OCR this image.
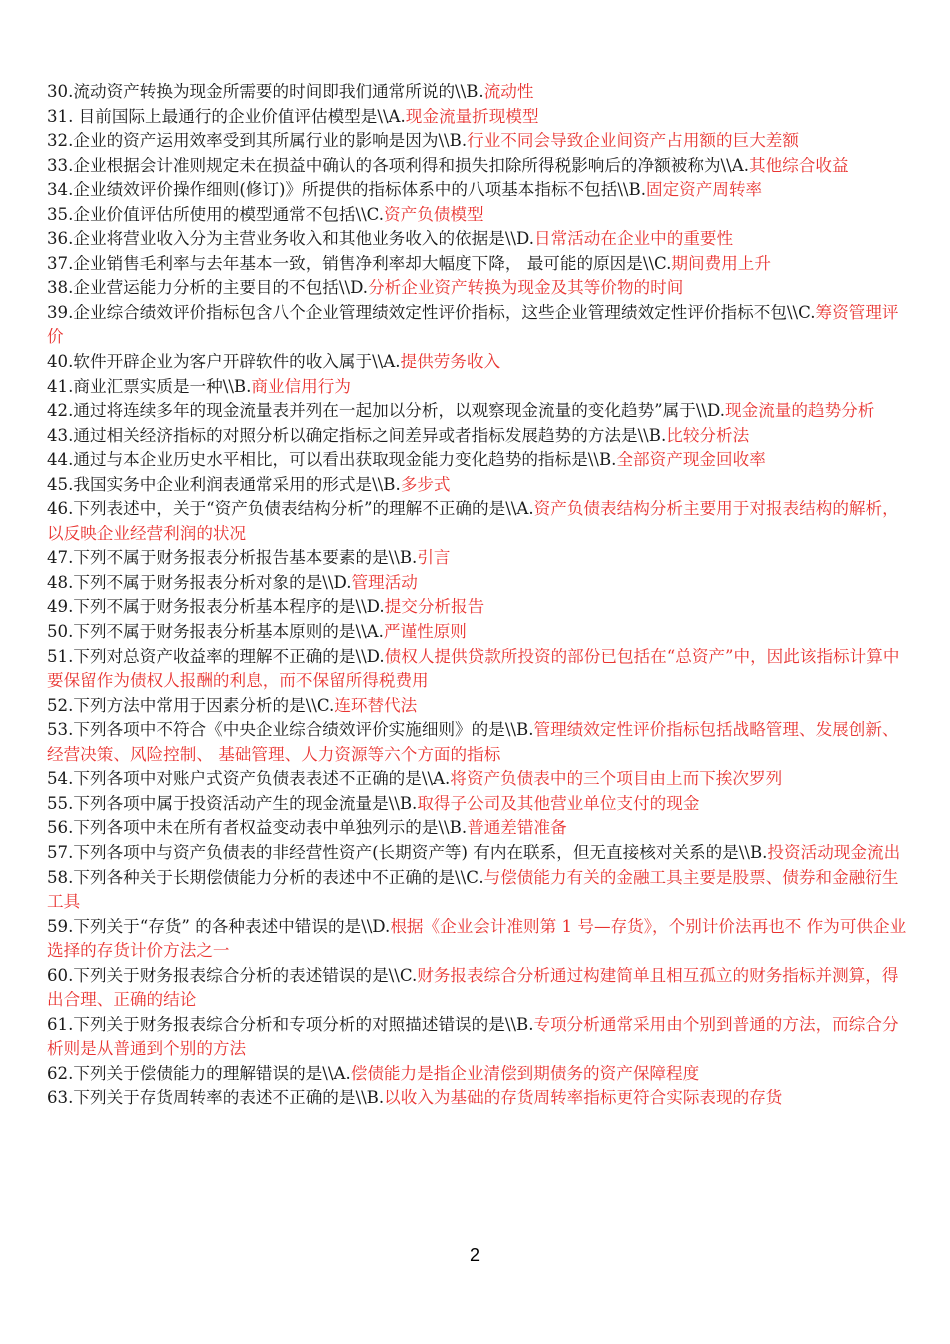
30.流动资产转换为现金所需要的时间即我们通常所说的\\B.流动性

31. 目前国际上最通行的企业价值评估模型是\\A.现金流量折现模型

32.企业的资产运用效率受到其所属行业的影响是因为\\B.行业不同会导致企业间资产占用额的巨大差额

33.企业根据会计准则规定未在损益中确认的各项利得和损失扣除所得税影响后的净额被称为\\A.其他综合收益

34.企业绩效评价操作细则(修订)》所提供的指标体系中的八项基本指标不包括\\B.固定资产周转率

35.企业价值评估所使用的模型通常不包括\\C.资产负债模型

36.企业将营业收入分为主营业务收入和其他业务收入的依据是\\D.日常活动在企业中的重要性

37.企业销售毛利率与去年基本一致，销售净利率却大幅度下降， 最可能的原因是\\C.期间费用上升

38.企业营运能力分析的主要目的不包括\\D.分析企业资产转换为现金及其等价物的时间

39.企业综合绩效评价指标包含八个企业管理绩效定性评价指标，这些企业管理绩效定性评价指标不包\\C.筹资管理评价

40.软件开辟企业为客户开辟软件的收入属于\\A.提供劳务收入

41.商业汇票实质是一种\\B.商业信用行为

42.通过将连续多年的现金流量表并列在一起加以分析，以观察现金流量的变化趋势”属于\\D.现金流量的趋势分析

43.通过相关经济指标的对照分析以确定指标之间差异或者指标发展趋势的方法是\\B.比较分析法

44.通过与本企业历史水平相比，可以看出获取现金能力变化趋势的指标是\\B.全部资产现金回收率

45.我国实务中企业利润表通常采用的形式是\\B.多步式

46.下列表述中，关于“资产负债表结构分析”的理解不正确的是\\A.资产负债表结构分析主要用于对报表结构的解析，以反映企业经营利润的状况

47.下列不属于财务报表分析报告基本要素的是\\B.引言

48.下列不属于财务报表分析对象的是\\D.管理活动

49.下列不属于财务报表分析基本程序的是\\D.提交分析报告

50.下列不属于财务报表分析基本原则的是\\A.严谨性原则

51.下列对总资产收益率的理解不正确的是\\D.债权人提供贷款所投资的部份已包括在“总资产”中，因此该指标计算中要保留作为债权人报酬的利息，而不保留所得税费用

52.下列方法中常用于因素分析的是\\C.连环替代法

53.下列各项中不符合《中央企业综合绩效评价实施细则》的是\\B.管理绩效定性评价指标包括战略管理、发展创新、经营决策、风险控制、 基础管理、人力资源等六个方面的指标

54.下列各项中对账户式资产负债表表述不正确的是\\A.将资产负债表中的三个项目由上而下挨次罗列

55.下列各项中属于投资活动产生的现金流量是\\B.取得子公司及其他营业单位支付的现金

56.下列各项中未在所有者权益变动表中单独列示的是\\B.普通差错准备

57.下列各项中与资产负债表的非经营性资产(长期资产等) 有内在联系，但无直接核对关系的是\\B.投资活动现金流出

58.下列各种关于长期偿债能力分析的表述中不正确的是\\C.与偿债能力有关的金融工具主要是股票、债券和金融衍生工具

59.下列关于“存货” 的各种表述中错误的是\\D.根据《企业会计准则第 1 号—存货》，个别计价法再也不 作为可供企业选择的存货计价方法之一

60.下列关于财务报表综合分析的表述错误的是\\C.财务报表综合分析通过构建简单且相互孤立的财务指标并测算，得出合理、正确的结论

61.下列关于财务报表综合分析和专项分析的对照描述错误的是\\B.专项分析通常采用由个别到普通的方法，而综合分析则是从普通到个别的方法

62.下列关于偿债能力的理解错误的是\\A.偿债能力是指企业清偿到期债务的资产保障程度

63.下列关于存货周转率的表述不正确的是\\B.以收入为基础的存货周转率指标更符合实际表现的存货

2
